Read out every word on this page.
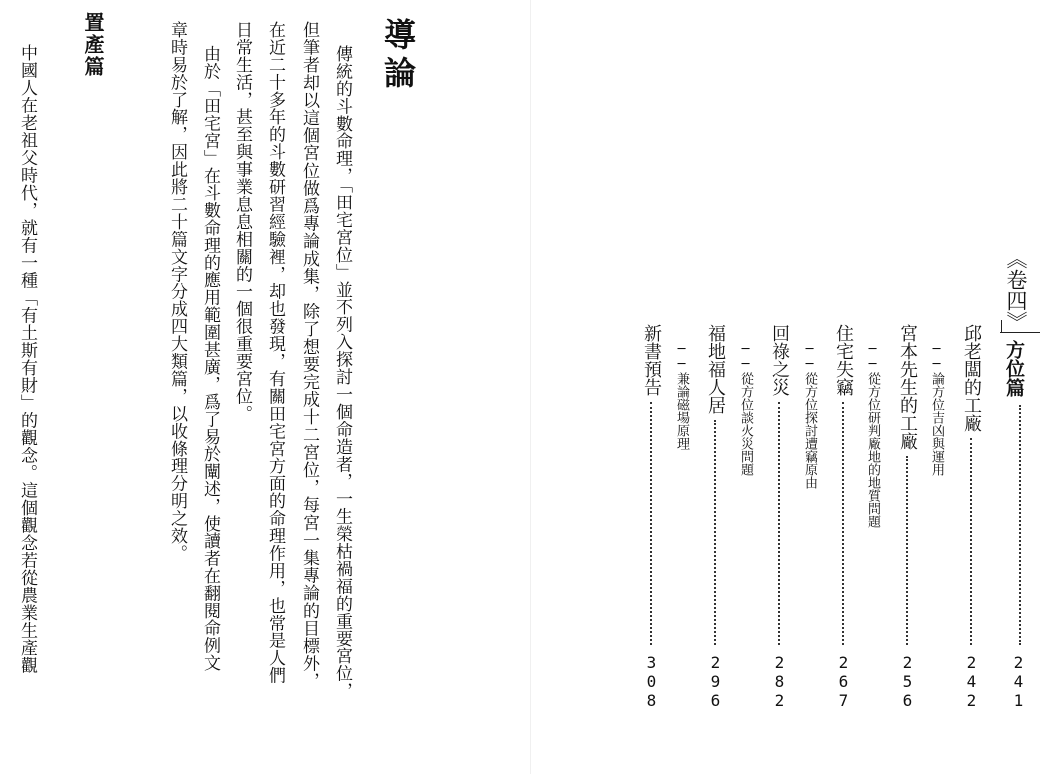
《卷四》
方位篇
241
邱老闆的工廠
242
──論方位吉凶與運用
宮本先生的工廠
256
──從方位研判廠地的地質問題
住宅失竊
267
──從方位探討遭竊原由
回祿之災
282
──從方位談火災問題
福地福人居
296
──兼論磁場原理
新書預告
308
導論
傳統的斗數命理，「田宅宮位」並不列入探討一個命造者，一生榮枯禍福的重要宮位，
但筆者却以這個宮位做爲專論成集，除了想要完成十二宮位，每宮一集專論的目標外，
在近二十多年的斗數研習經驗裡，却也發現，有關田宅宮方面的命理作用，也常是人們
日常生活，甚至與事業息息相關的一個很重要宮位。
由於「田宅宮」在斗數命理的應用範圍甚廣，爲了易於闡述，使讀者在翻閱命例文
章時易於了解，因此將二十篇文字分成四大類篇，以收條理分明之效。
置產篇
中國人在老祖父時代，就有一種「有土斯有財」的觀念。這個觀念若從農業生產觀
